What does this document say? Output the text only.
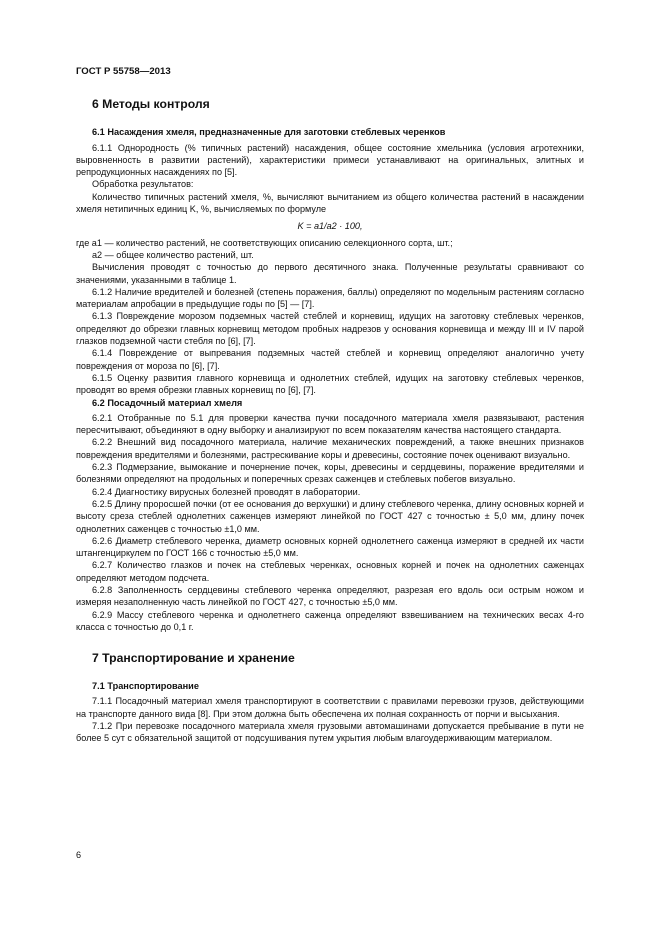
ГОСТ Р 55758—2013
6 Методы контроля
6.1 Насаждения хмеля, предназначенные для заготовки стеблевых черенков

6.1.1 Однородность (% типичных растений) насаждения, общее состояние хмельника (условия агротехники, выровненность в развитии растений), характеристики примеси устанавливают на оригинальных, элитных и репродукционных насаждениях по [5].

Обработка результатов:

Количество типичных растений хмеля, %, вычисляют вычитанием из общего количества растений в насаждении хмеля нетипичных единиц K, %, вычисляемых по формуле

K = a1/a2 · 100,

где a1 — количество растений, не соответствующих описанию селекционного сорта, шт.;

a2 — общее количество растений, шт.

Вычисления проводят с точностью до первого десятичного знака. Полученные результаты сравнивают со значениями, указанными в таблице 1.

6.1.2 Наличие вредителей и болезней (степень поражения, баллы) определяют по модельным растениям согласно материалам апробации в предыдущие годы по [5] — [7].

6.1.3 Повреждение морозом подземных частей стеблей и корневищ, идущих на заготовку стеблевых черенков, определяют до обрезки главных корневищ методом пробных надрезов у основания корневища и между III и IV парой глазков подземной части стебля по [6], [7].

6.1.4 Повреждение от выпревания подземных частей стеблей и корневищ определяют аналогично учету повреждения от мороза по [6], [7].

6.1.5 Оценку развития главного корневища и однолетних стеблей, идущих на заготовку стеблевых черенков, проводят во время обрезки главных корневищ по [6], [7].

6.2 Посадочный материал хмеля

6.2.1 Отобранные по 5.1 для проверки качества пучки посадочного материала хмеля развязывают, растения пересчитывают, объединяют в одну выборку и анализируют по всем показателям качества настоящего стандарта.

6.2.2 Внешний вид посадочного материала, наличие механических повреждений, а также внешних признаков повреждения вредителями и болезнями, растрескивание коры и древесины, состояние почек оценивают визуально.

6.2.3 Подмерзание, вымокание и почернение почек, коры, древесины и сердцевины, поражение вредителями и болезнями определяют на продольных и поперечных срезах саженцев и стеблевых побегов визуально.

6.2.4 Диагностику вирусных болезней проводят в лаборатории.

6.2.5 Длину проросшей почки (от ее основания до верхушки) и длину стеблевого черенка, длину основных корней и высоту среза стеблей однолетних саженцев измеряют линейкой по ГОСТ 427 с точностью ± 5,0 мм, длину почек однолетних саженцев с точностью ±1,0 мм.

6.2.6 Диаметр стеблевого черенка, диаметр основных корней однолетнего саженца измеряют в средней их части штангенциркулем по ГОСТ 166 с точностью ±5,0 мм.

6.2.7 Количество глазков и почек на стеблевых черенках, основных корней и почек на однолетних саженцах определяют методом подсчета.

6.2.8 Заполненность сердцевины стеблевого черенка определяют, разрезая его вдоль оси острым ножом и измеряя незаполненную часть линейкой по ГОСТ 427, с точностью ±5,0 мм.

6.2.9 Массу стеблевого черенка и однолетнего саженца определяют взвешиванием на технических весах 4-го класса с точностью до 0,1 г.

7 Транспортирование и хранение
7.1 Транспортирование

7.1.1 Посадочный материал хмеля транспортируют в соответствии с правилами перевозки грузов, действующими на транспорте данного вида [8]. При этом должна быть обеспечена их полная сохранность от порчи и высыхания.

7.1.2 При перевозке посадочного материала хмеля грузовыми автомашинами допускается пребывание в пути не более 5 сут с обязательной защитой от подсушивания путем укрытия любым влагоудерживающим материалом.

6
